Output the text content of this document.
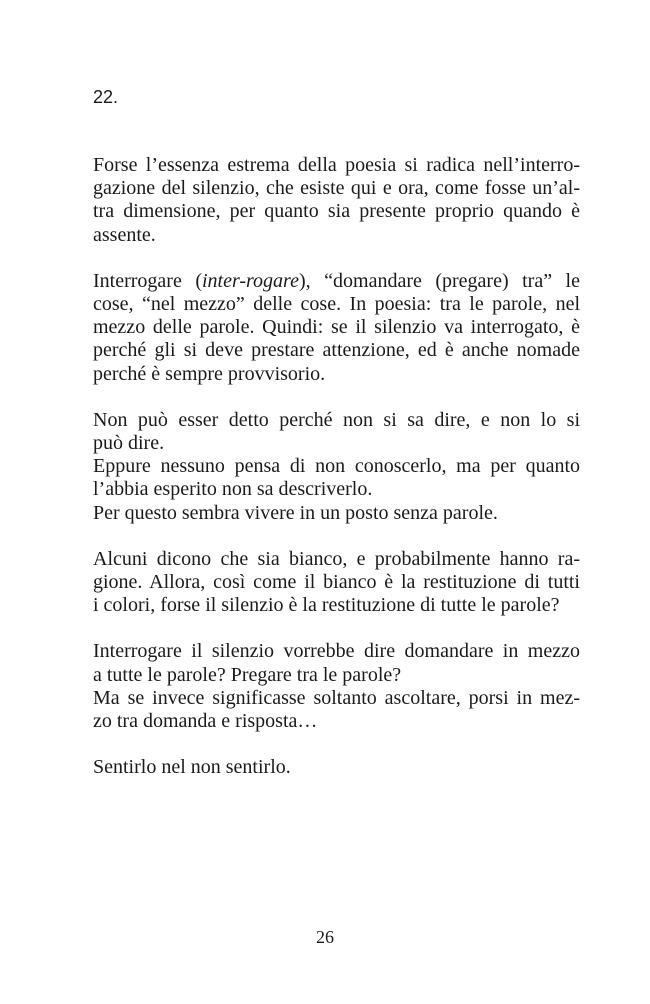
22.
Forse l’essenza estrema della poesia si radica nell’interro-
gazione del silenzio, che esiste qui e ora, come fosse un’al-
tra dimensione, per quanto sia presente proprio quando è
assente.
Interrogare (inter-rogare), “domandare (pregare) tra” le
cose, “nel mezzo” delle cose. In poesia: tra le parole, nel
mezzo delle parole. Quindi: se il silenzio va interrogato, è
perché gli si deve prestare attenzione, ed è anche nomade
perché è sempre provvisorio.
Non può esser detto perché non si sa dire, e non lo si
può dire.
Eppure nessuno pensa di non conoscerlo, ma per quanto
l’abbia esperito non sa descriverlo.
Per questo sembra vivere in un posto senza parole.
Alcuni dicono che sia bianco, e probabilmente hanno ra-
gione. Allora, così come il bianco è la restituzione di tutti
i colori, forse il silenzio è la restituzione di tutte le parole?
Interrogare il silenzio vorrebbe dire domandare in mezzo
a tutte le parole? Pregare tra le parole?
Ma se invece significasse soltanto ascoltare, porsi in mez-
zo tra domanda e risposta…
Sentirlo nel non sentirlo.
26
